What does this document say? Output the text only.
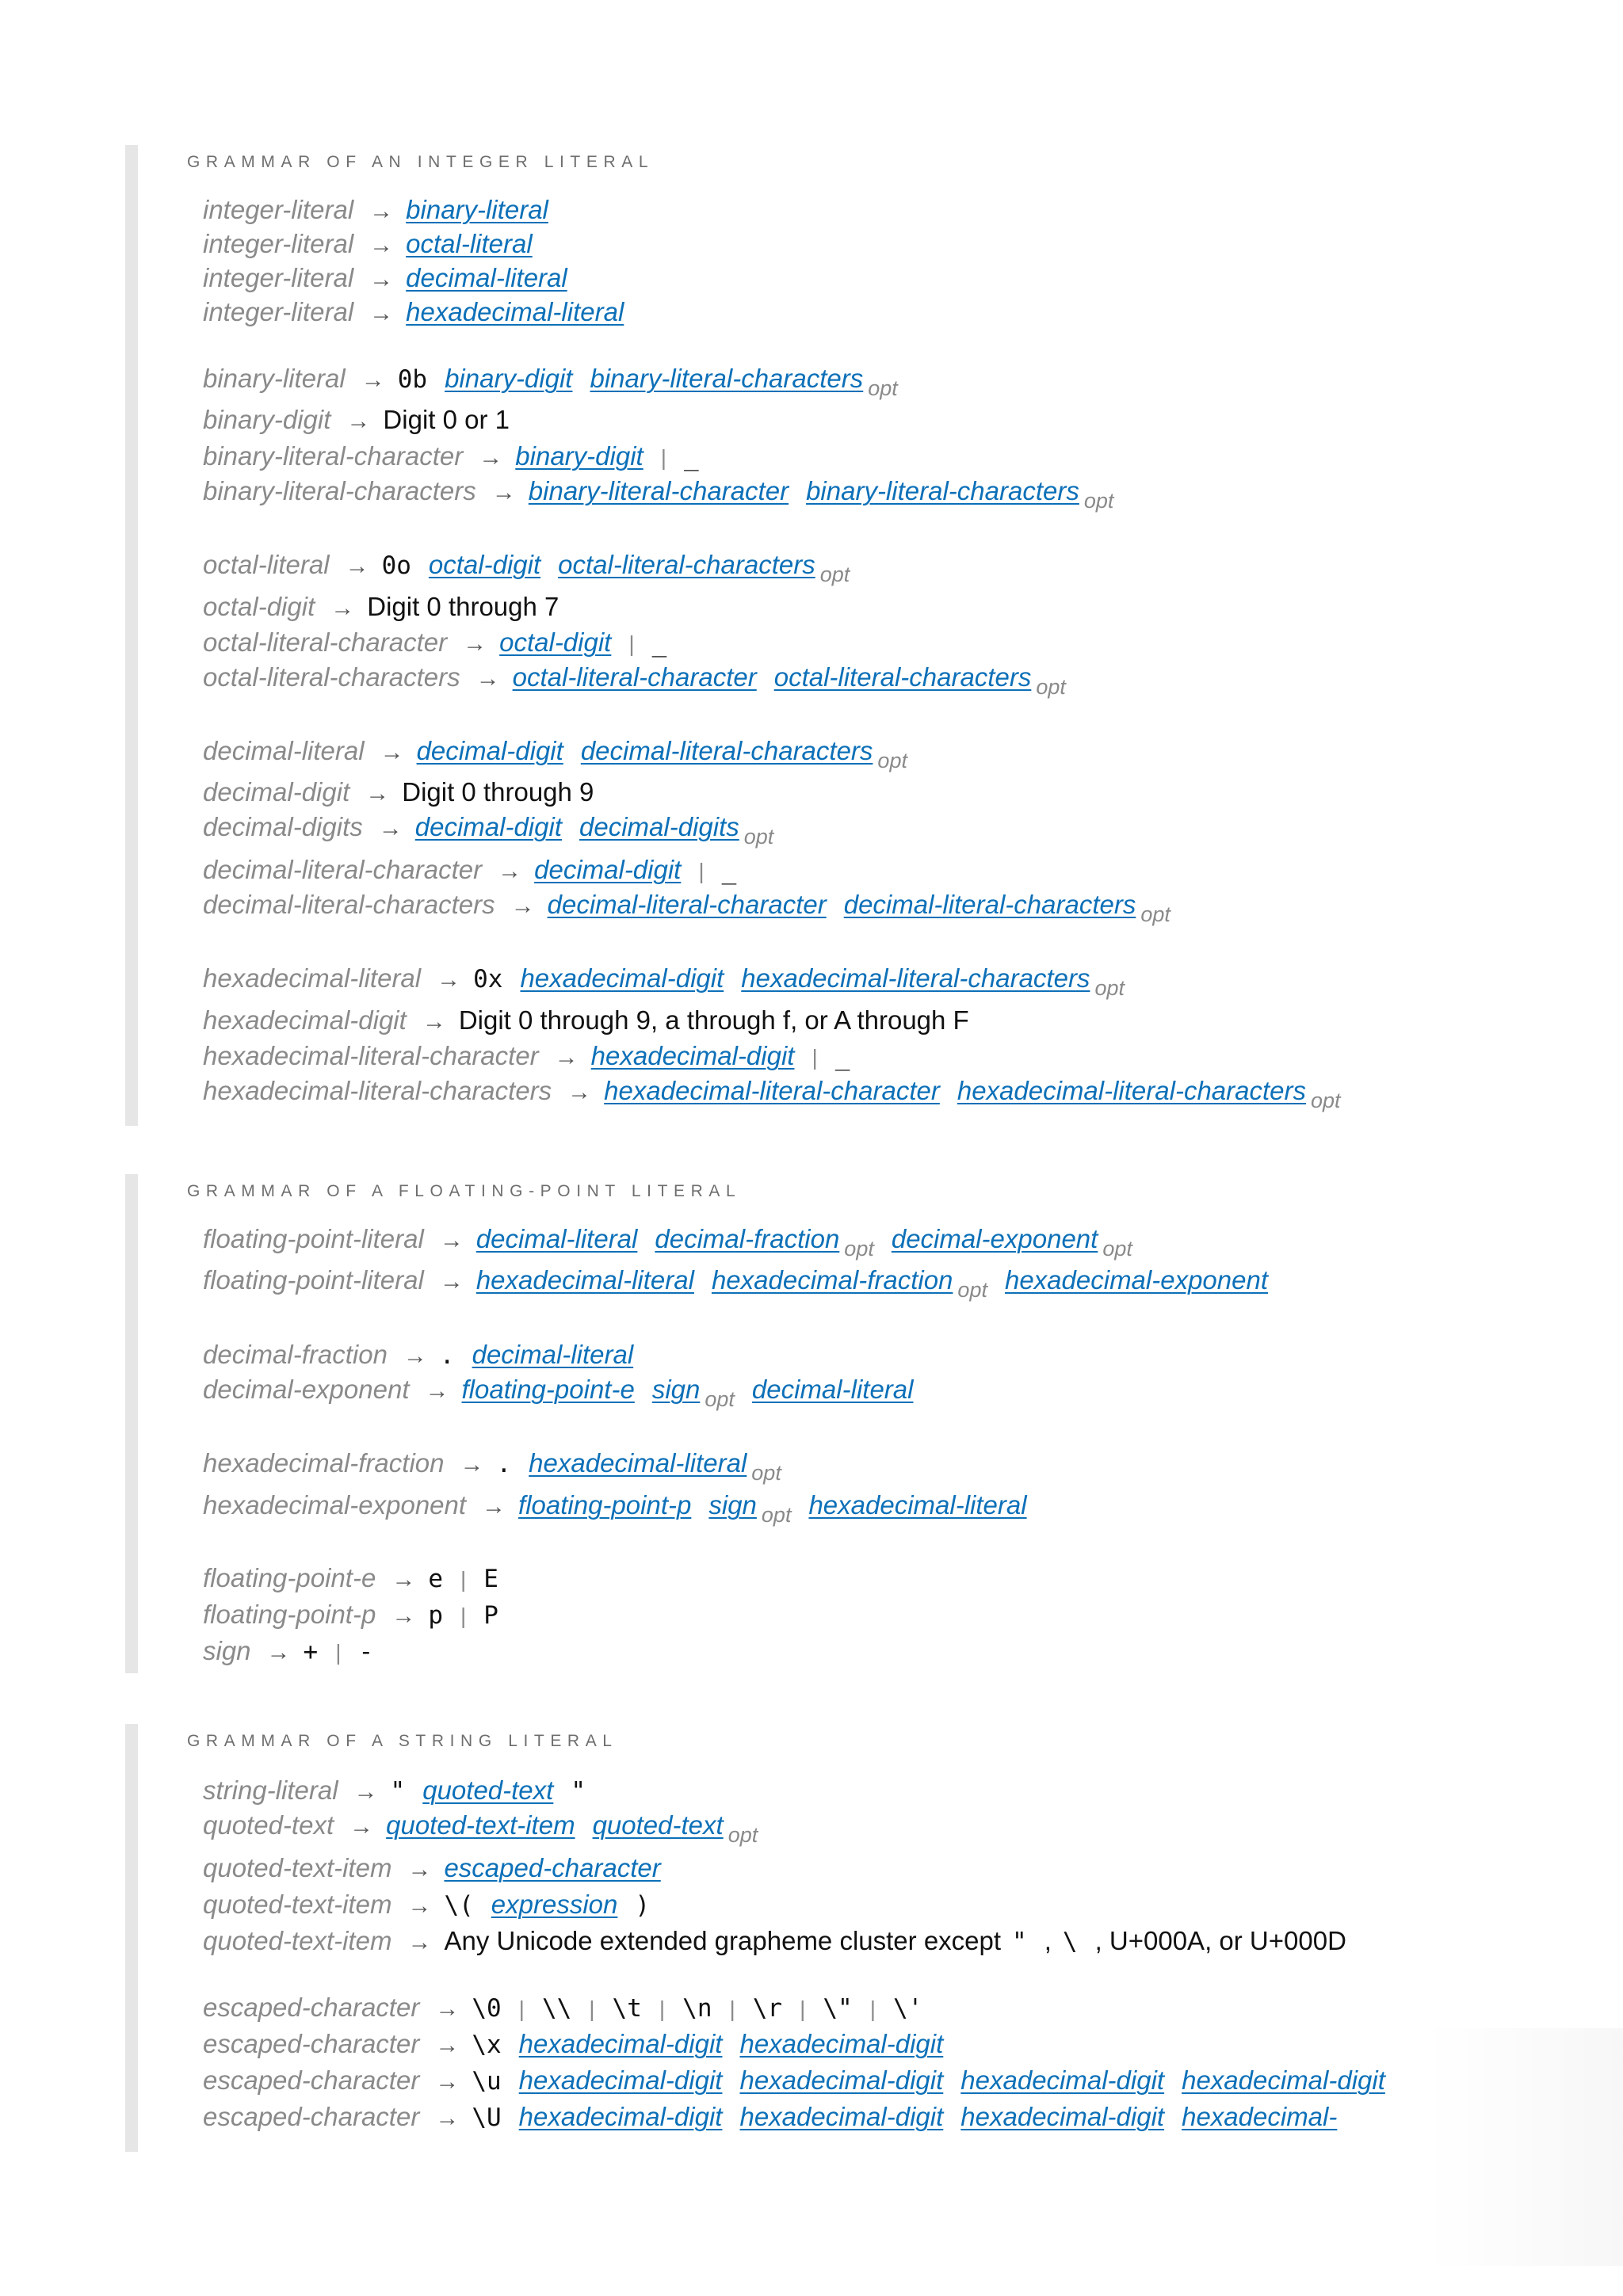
GRAMMAR OF AN INTEGER LITERAL
integer-literal → binary-literal
integer-literal → octal-literal
integer-literal → decimal-literal
integer-literal → hexadecimal-literal
binary-literal → 0b binary-digit binary-literal-characters $_{opt}$
binary-digit → Digit 0 or 1
binary-literal-character → binary-digit | _
binary-literal-characters → binary-literal-character binary-literal-characters $_{opt}$
octal-literal → 0o octal-digit octal-literal-characters $_{opt}$
octal-digit → Digit 0 through 7
octal-literal-character → octal-digit | _
octal-literal-characters → octal-literal-character octal-literal-characters $_{opt}$
decimal-literal → decimal-digit decimal-literal-characters $_{opt}$
decimal-digit → Digit 0 through 9
decimal-digits → decimal-digit decimal-digits $_{opt}$
decimal-literal-character → decimal-digit | _
decimal-literal-characters → decimal-literal-character decimal-literal-characters $_{opt}$
hexadecimal-literal → 0x hexadecimal-digit hexadecimal-literal-characters $_{opt}$
hexadecimal-digit → Digit 0 through 9, a through f, or A through F
hexadecimal-literal-character → hexadecimal-digit | _
hexadecimal-literal-characters → hexadecimal-literal-character hexadecimal-literal-characters $_{opt}$
GRAMMAR OF A FLOATING-POINT LITERAL
floating-point-literal → decimal-literal decimal-fraction $_{opt}$ decimal-exponent $_{opt}$
floating-point-literal → hexadecimal-literal hexadecimal-fraction $_{opt}$ hexadecimal-exponent
decimal-fraction → . decimal-literal
decimal-exponent → floating-point-e sign $_{opt}$ decimal-literal
hexadecimal-fraction → . hexadecimal-literal $_{opt}$
hexadecimal-exponent → floating-point-p sign $_{opt}$ hexadecimal-literal
floating-point-e → e | E
floating-point-p → p | P
sign → + | -
GRAMMAR OF A STRING LITERAL
string-literal → " quoted-text "
quoted-text → quoted-text-item quoted-text $_{opt}$
quoted-text-item → escaped-character
quoted-text-item → \( expression )
quoted-text-item → Any Unicode extended grapheme cluster except " , \ , U+000A, or U+000D
escaped-character → \0 | \\ | \t | \n | \r | \" | \'
escaped-character → \x hexadecimal-digit hexadecimal-digit
escaped-character → \u hexadecimal-digit hexadecimal-digit hexadecimal-digit hexadecimal-digit
escaped-character → \U hexadecimal-digit hexadecimal-digit hexadecimal-digit hexadecimal-
